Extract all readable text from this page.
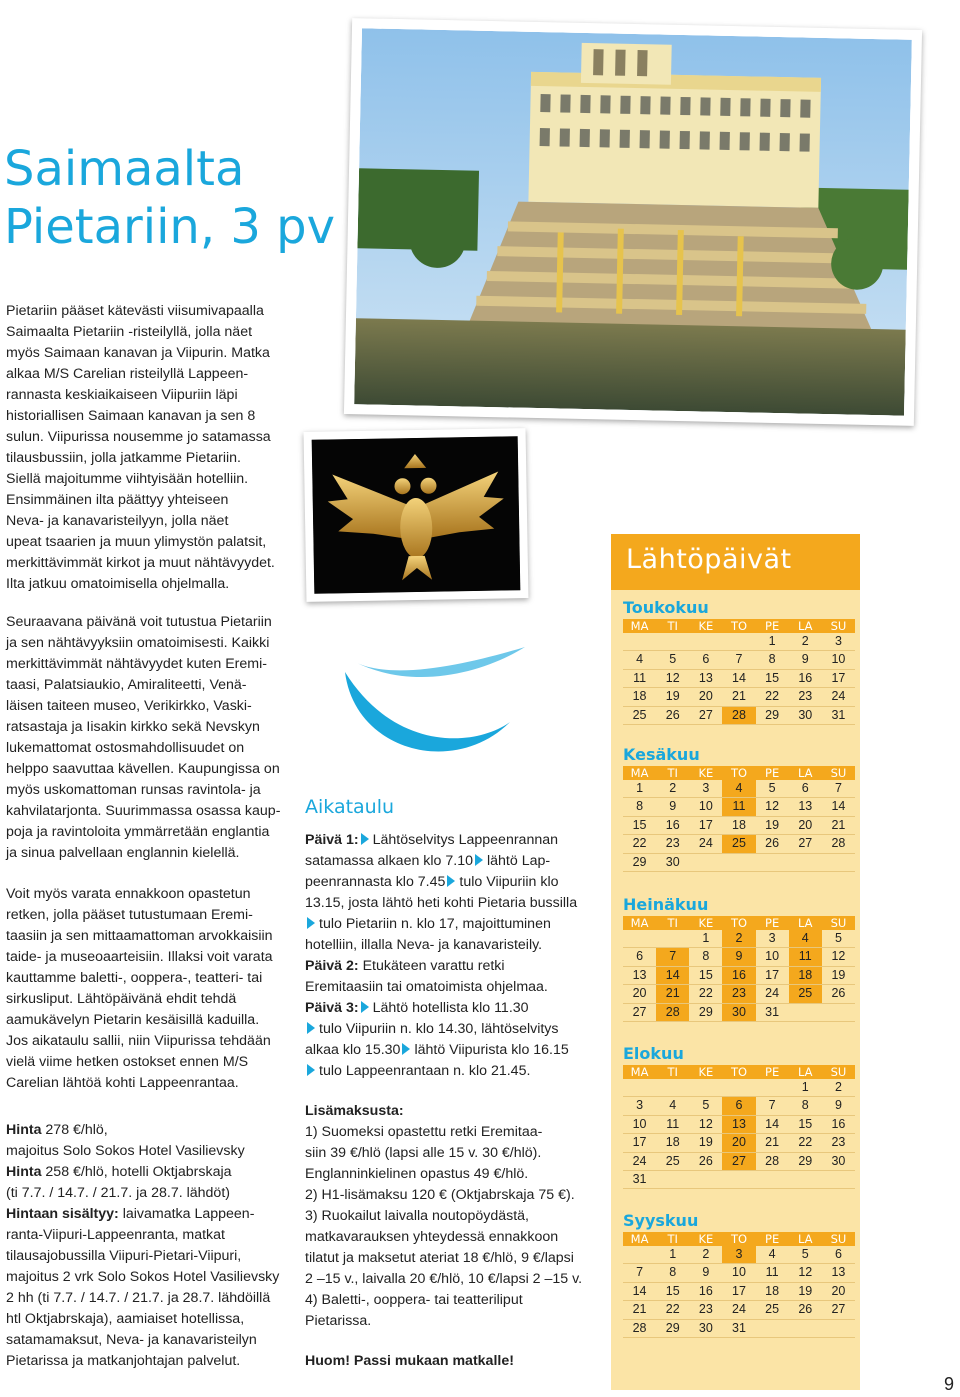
Saimaalta
Pietariin, 3 pv

Pietariin pääset kätevästi viisumivapaalla

Saimaalta Pietariin -risteilyllä, jolla näet

myös Saimaan kanavan ja Viipurin. Matka

alkaa M/S Carelian risteilyllä Lappeen-

rannasta keskiaikaiseen Viipuriin läpi

historiallisen Saimaan kanavan ja sen 8

sulun. Viipurissa nousemme jo satamassa

tilausbussiin, jolla jatkamme Pietariin.

Siellä majoitumme viihtyisään hotelliin.

Ensimmäinen ilta päättyy yhteiseen

Neva- ja kanavaristeilyyn, jolla näet

upeat tsaarien ja muun ylimystön palatsit,

merkittävimmät kirkot ja muut nähtävyydet.

Ilta jatkuu omatoimisella ohjelmalla.

Seuraavana päivänä voit tutustua Pietariin

ja sen nähtävyyksiin omatoimisesti. Kaikki

merkittävimmät nähtävyydet kuten Eremi-

taasi, Palatsiaukio, Amiraliteetti, Venä-

läisen taiteen museo, Verikirkko, Vaski-

ratsastaja ja Iisakin kirkko sekä Nevskyn

lukemattomat ostosmahdollisuudet on

helppo saavuttaa kävellen. Kaupungissa on

myös uskomattoman runsas ravintola- ja

kahvilatarjonta. Suurimmassa osassa kaup-

poja ja ravintoloita ymmärretään englantia

ja sinua palvellaan englannin kielellä.

Voit myös varata ennakkoon opastetun

retken, jolla pääset tutustumaan Eremi-

taasiin ja sen mittaamattoman arvokkaisiin

taide- ja museoaarteisiin. Illaksi voit varata

kauttamme baletti-, ooppera-, teatteri- tai

sirkusliput. Lähtöpäivänä ehdit tehdä

aamukävelyn Pietarin kesäisillä kaduilla.

Jos aikataulu sallii, niin Viipurissa tehdään

vielä viime hetken ostokset ennen M/S

Carelian lähtöä kohti Lappeenrantaa.

Hinta 278 €/hlö,

majoitus Solo Sokos Hotel Vasilievsky

Hinta 258 €/hlö, hotelli Oktjabrskaja

(ti 7.7. / 14.7. / 21.7. ja 28.7. lähdöt)

Hintaan sisältyy: laivamatka Lappeen-

ranta-Viipuri-Lappeenranta, matkat

tilausajobussilla Viipuri-Pietari-Viipuri,

majoitus 2 vrk Solo Sokos Hotel Vasilievsky

2 hh (ti 7.7. / 14.7. / 21.7. ja 28.7. lähdöillä

htl Oktjabrskaja), aamiaiset hotellissa,

satamamaksut, Neva- ja kanavaristeilyn

Pietarissa ja matkanjohtajan palvelut.

VIISUMIVAPAA
RISTEILY
Aikataulu

Päivä 1: Lähtöselvitys Lappeenrannan

satamassa alkaen klo 7.10 lähtö Lap-

peenrannasta klo 7.45 tulo Viipuriin klo

13.15, josta lähtö heti kohti Pietaria bussilla

tulo Pietariin n. klo 17, majoittuminen

hotelliin, illalla Neva- ja kanavaristeily.

Päivä 2: Etukäteen varattu retki

Eremitaasiin tai omatoimista ohjelmaa.

Päivä 3: Lähtö hotellista klo 11.30

tulo Viipuriin n. klo 14.30, lähtöselvitys

alkaa klo 15.30 lähtö Viipurista klo 16.15

tulo Lappeenrantaan n. klo 21.45.

Lisämaksusta:

1) Suomeksi opastettu retki Eremitaa-

siin 39 €/hlö (lapsi alle 15 v. 30 €/hlö).

Englanninkielinen opastus 49 €/hlö.

2) H1-lisämaksu 120 € (Oktjabrskaja 75 €).

3) Ruokailut laivalla noutopöydästä,

matkavarauksen yhteydessä ennakkoon

tilatut ja maksetut ateriat 18 €/hlö, 9 €/lapsi

2 –15 v., laivalla 20 €/hlö, 10 €/lapsi 2 –15 v.

4) Baletti-, ooppera- tai teatteriliput

Pietarissa.

Huom! Passi mukaan matkalle!
Lähtöpäivät
Toukokuu
MA	TI	KE	TO	PE	LA	SU
				1	2	3
4	5	6	7	8	9	10
11	12	13	14	15	16	17
18	19	20	21	22	23	24
25	26	27	28	29	30	31
Kesäkuu
MA	TI	KE	TO	PE	LA	SU
1	2	3	4	5	6	7
8	9	10	11	12	13	14
15	16	17	18	19	20	21
22	23	24	25	26	27	28
29	30					
Heinäkuu
MA	TI	KE	TO	PE	LA	SU
		1	2	3	4	5
6	7	8	9	10	11	12
13	14	15	16	17	18	19
20	21	22	23	24	25	26
27	28	29	30	31		
Elokuu
MA	TI	KE	TO	PE	LA	SU
					1	2
3	4	5	6	7	8	9
10	11	12	13	14	15	16
17	18	19	20	21	22	23
24	25	26	27	28	29	30
31						
Syyskuu
MA	TI	KE	TO	PE	LA	SU
	1	2	3	4	5	6
7	8	9	10	11	12	13
14	15	16	17	18	19	20
21	22	23	24	25	26	27
28	29	30	31			
9
